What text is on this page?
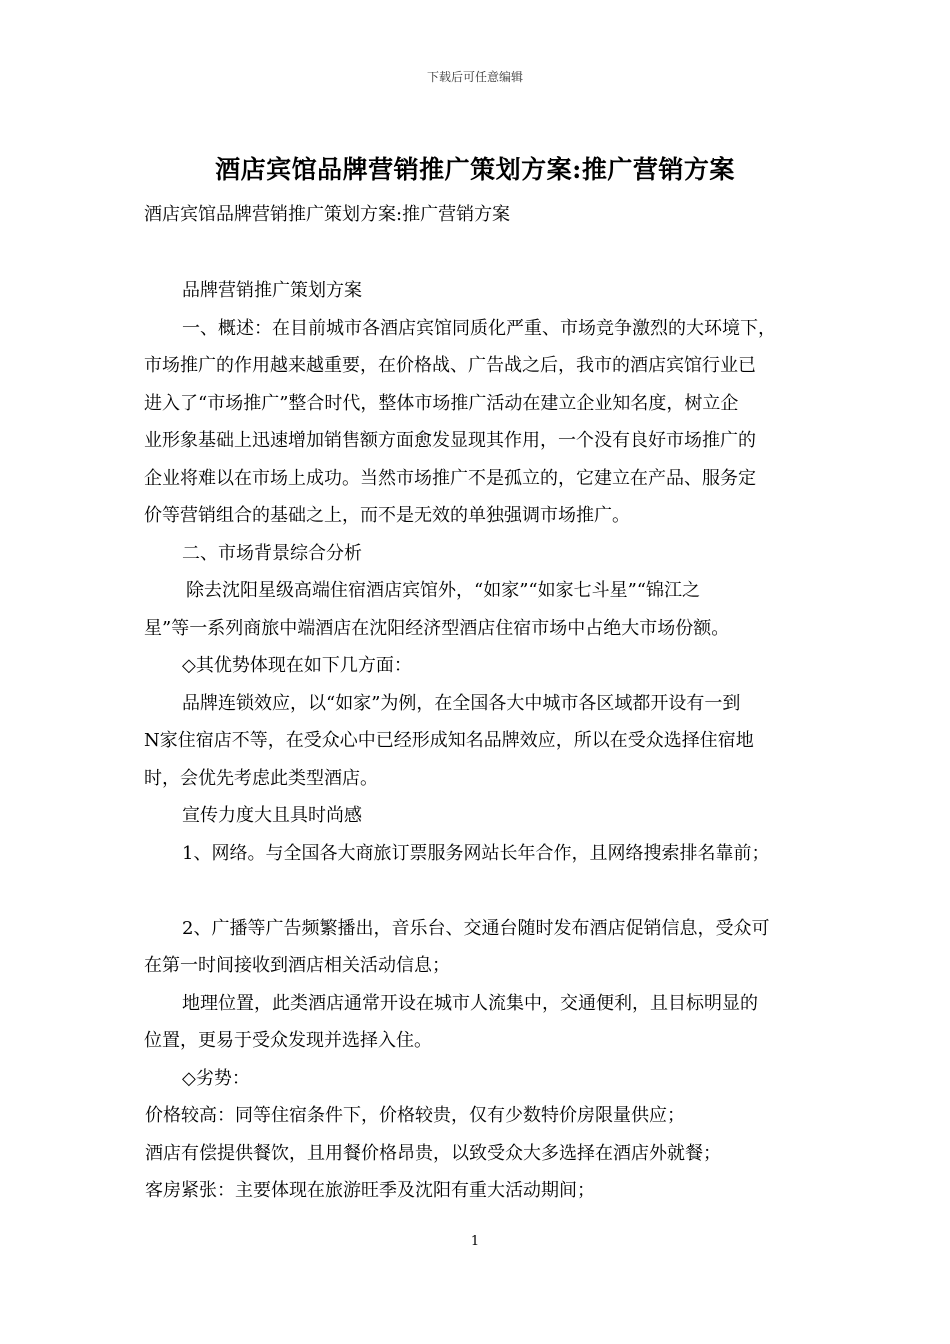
下载后可任意编辑
酒店宾馆品牌营销推广策划方案:推广营销方案
酒店宾馆品牌营销推广策划方案:推广营销方案
品牌营销推广策划方案
一、概述：在目前城市各酒店宾馆同质化严重、市场竞争激烈的大环境下，
市场推广的作用越来越重要，在价格战、广告战之后，我市的酒店宾馆行业已
进入了“市场推广”整合时代，整体市场推广活动在建立企业知名度，树立企
业形象基础上迅速增加销售额方面愈发显现其作用，一个没有良好市场推广的
企业将难以在市场上成功。当然市场推广不是孤立的，它建立在产品、服务定
价等营销组合的基础之上，而不是无效的单独强调市场推广。
二、市场背景综合分析
除去沈阳星级高端住宿酒店宾馆外，“如家”“如家七斗星”“锦江之
星”等一系列商旅中端酒店在沈阳经济型酒店住宿市场中占绝大市场份额。
◇其优势体现在如下几方面：
品牌连锁效应，以“如家”为例，在全国各大中城市各区域都开设有一到
N家住宿店不等，在受众心中已经形成知名品牌效应，所以在受众选择住宿地
时，会优先考虑此类型酒店。
宣传力度大且具时尚感
1、网络。与全国各大商旅订票服务网站长年合作，且网络搜索排名靠前；
2、广播等广告频繁播出，音乐台、交通台随时发布酒店促销信息，受众可
在第一时间接收到酒店相关活动信息；
地理位置，此类酒店通常开设在城市人流集中，交通便利，且目标明显的
位置，更易于受众发现并选择入住。
◇劣势：
价格较高：同等住宿条件下，价格较贵，仅有少数特价房限量供应；
酒店有偿提供餐饮，且用餐价格昂贵，以致受众大多选择在酒店外就餐；
客房紧张：主要体现在旅游旺季及沈阳有重大活动期间；
1
